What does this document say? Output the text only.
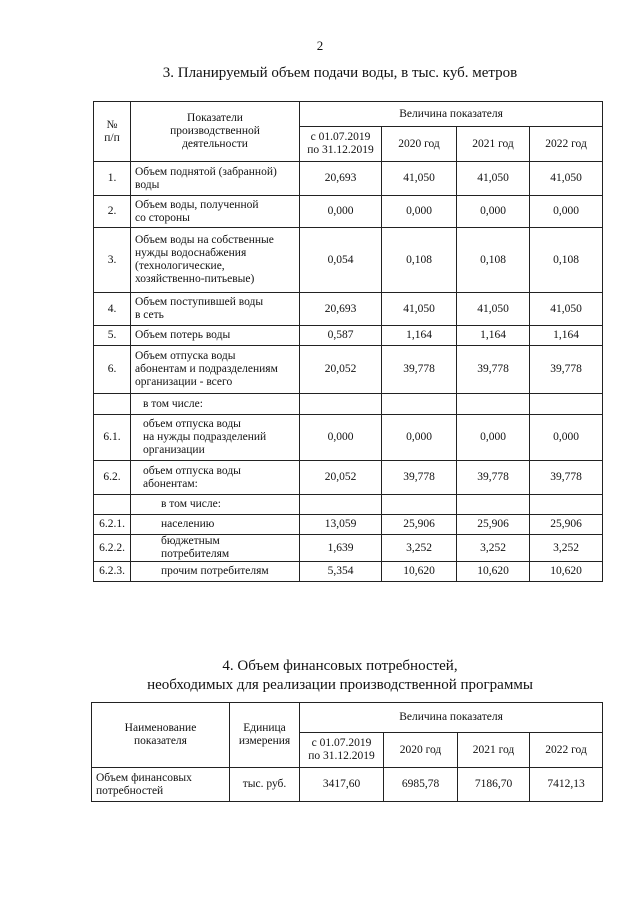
2
3. Планируемый объем подачи воды, в тыс. куб. метров
№
п/п	Показатели
производственной
деятельности	Величина показателя			
		с 01.07.2019
по 31.12.2019	2020 год	2021 год	2022 год
1.	Объем поднятой (забранной)
воды	20,693	41,050	41,050	41,050
2.	Объем воды, полученной
со стороны	0,000	0,000	0,000	0,000
3.	Объем воды на собственные
нужды водоснабжения
(технологические,
хозяйственно-питьевые)	0,054	0,108	0,108	0,108
4.	Объем поступившей воды
в сеть	20,693	41,050	41,050	41,050
5.	Объем потерь воды	0,587	1,164	1,164	1,164
6.	Объем отпуска воды
абонентам и подразделениям
организации - всего	20,052	39,778	39,778	39,778
	в том числе:				
6.1.	объем отпуска воды
на нужды подразделений
организации	0,000	0,000	0,000	0,000
6.2.	объем отпуска воды
абонентам:	20,052	39,778	39,778	39,778
	в том числе:				
6.2.1.	населению	13,059	25,906	25,906	25,906
6.2.2.	бюджетным
потребителям	1,639	3,252	3,252	3,252
6.2.3.	прочим потребителям	5,354	10,620	10,620	10,620
4. Объем финансовых потребностей,
необходимых для реализации производственной программы
Наименование
показателя	Единица
измерения	Величина показателя			
		с 01.07.2019
по 31.12.2019	2020 год	2021 год	2022 год
Объем финансовых
потребностей	тыс. руб.	3417,60	6985,78	7186,70	7412,13
